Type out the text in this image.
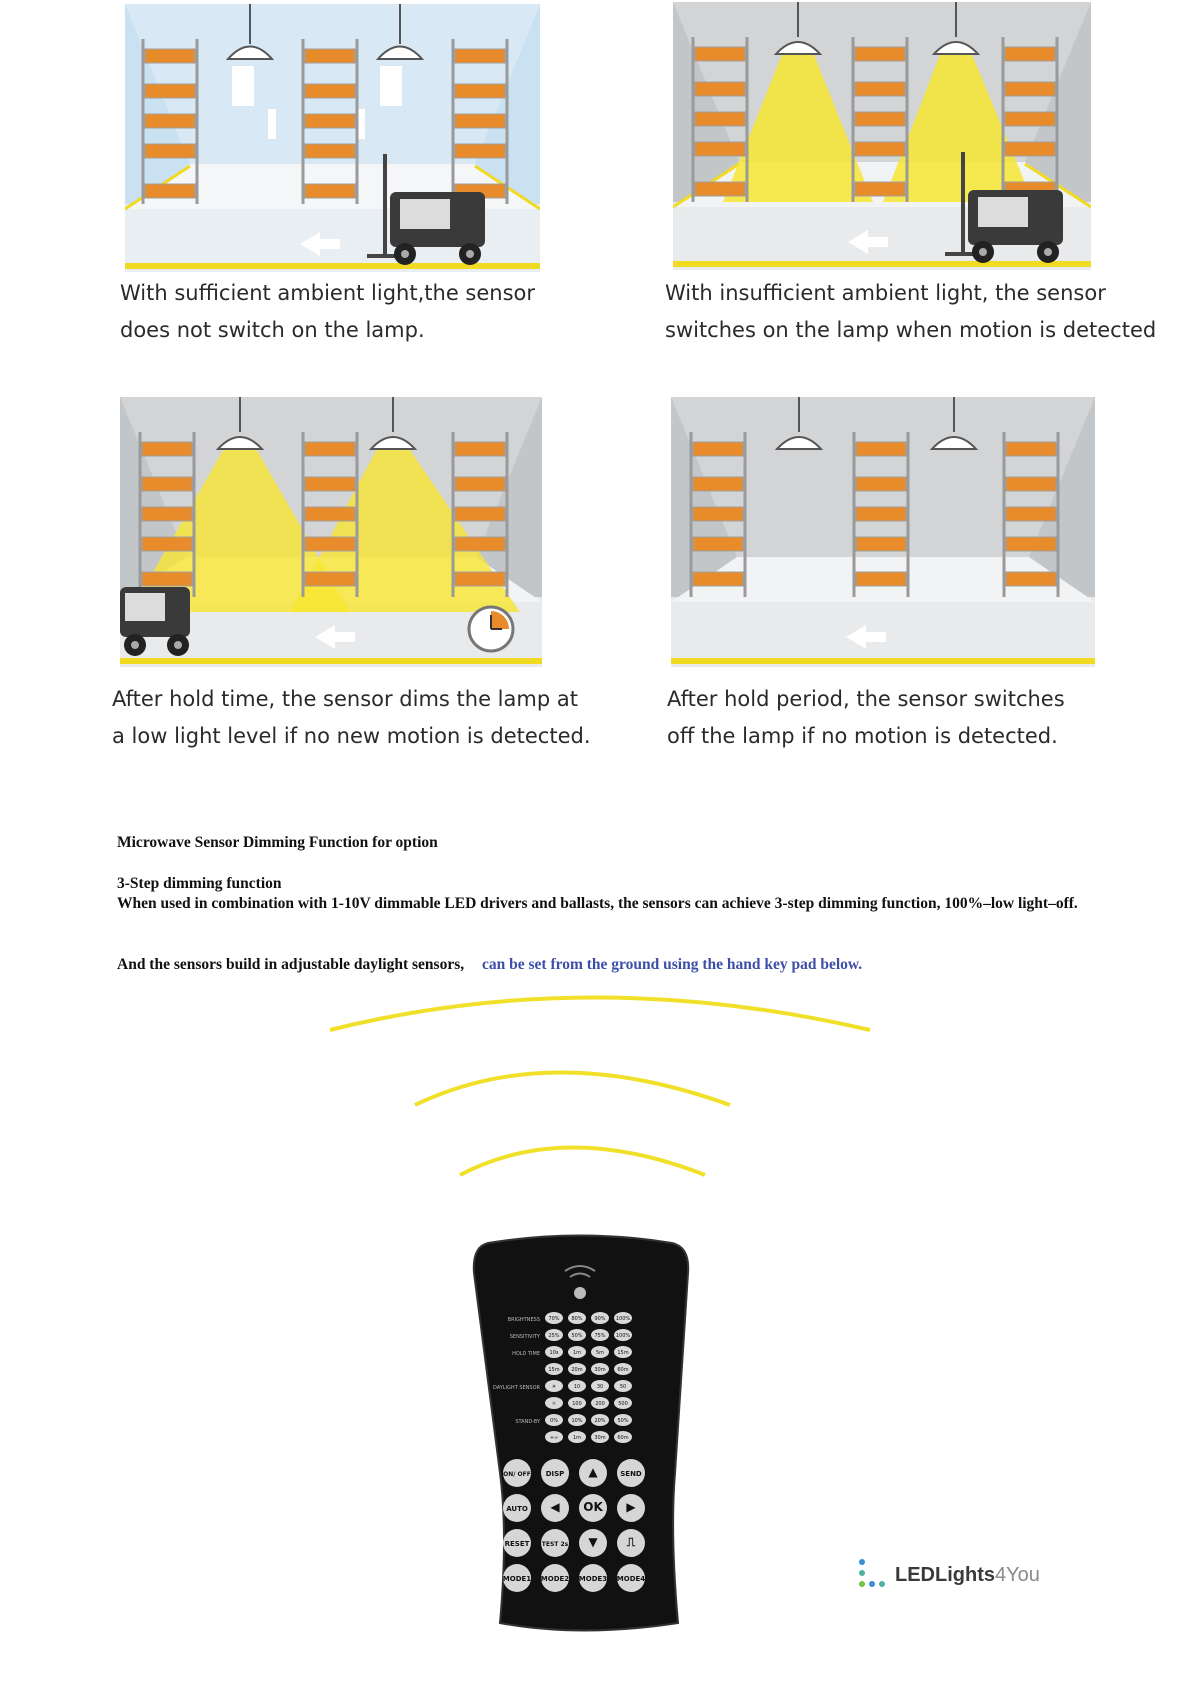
With sufficient ambient light,the sensor
does not switch on the lamp.
With insufficient ambient light, the sensor
switches on the lamp when motion is detected
After hold time, the sensor dims the lamp at
a low light level if no new motion is detected.
After hold period, the sensor switches
off the lamp if no motion is detected.
Microwave Sensor Dimming Function for option
3-Step dimming function
When used in combination with 1-10V dimmable LED drivers and ballasts, the sensors can achieve 3-step dimming function, 100%–low light–off.
And the sensors build in adjustable daylight sensors, can be set from the ground using the hand key pad below.
BRIGHTNESS 70% 80% 90% 100%
SENSITIVITY 25% 50% 75% 100%
HOLD TIME 10s	1m	5m	15m
15m 20m 30m 60m
DAYLIGHT SENSOR ☀	10	30	50
☼	100	200	500
STAND-BY 0%	10% 20% 50%
+∞	1m	30m 60m
ON/ OFF DISP ▲	SEND
AUTO ◀ OK ▶
RESET TEST 2s ▼ ⎍
MODE1 MODE2 MODE3 MODE4	LEDLights 4You
